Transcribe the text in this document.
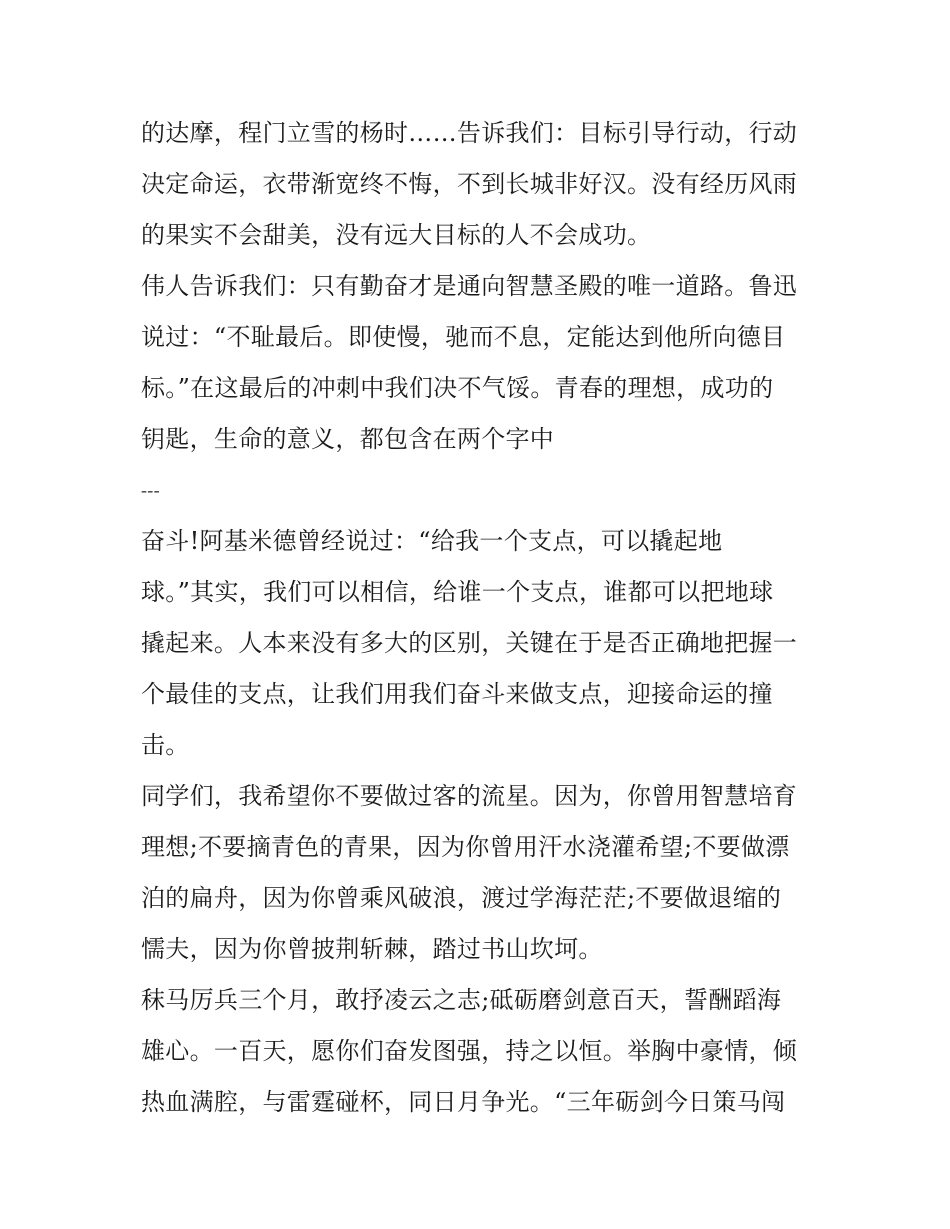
的达摩，程门立雪的杨时……告诉我们：目标引导行动，行动
决定命运，衣带渐宽终不悔，不到长城非好汉。没有经历风雨
的果实不会甜美，没有远大目标的人不会成功。
伟人告诉我们：只有勤奋才是通向智慧圣殿的唯一道路。鲁迅
说过：“不耻最后。即使慢，驰而不息，定能达到他所向德目
标。”在这最后的冲刺中我们决不气馁。青春的理想，成功的
钥匙，生命的意义，都包含在两个字中
---
奋斗!阿基米德曾经说过：“给我一个支点，可以撬起地
球。”其实，我们可以相信，给谁一个支点，谁都可以把地球
撬起来。人本来没有多大的区别，关键在于是否正确地把握一
个最佳的支点，让我们用我们奋斗来做支点，迎接命运的撞
击。
同学们，我希望你不要做过客的流星。因为，你曾用智慧培育
理想;不要摘青色的青果，因为你曾用汗水浇灌希望;不要做漂
泊的扁舟，因为你曾乘风破浪，渡过学海茫茫;不要做退缩的
懦夫，因为你曾披荆斩棘，踏过书山坎坷。
秣马厉兵三个月，敢抒凌云之志;砥砺磨剑意百天，誓酬蹈海
雄心。一百天，愿你们奋发图强，持之以恒。举胸中豪情，倾
热血满腔，与雷霆碰杯，同日月争光。“三年砺剑今日策马闯
